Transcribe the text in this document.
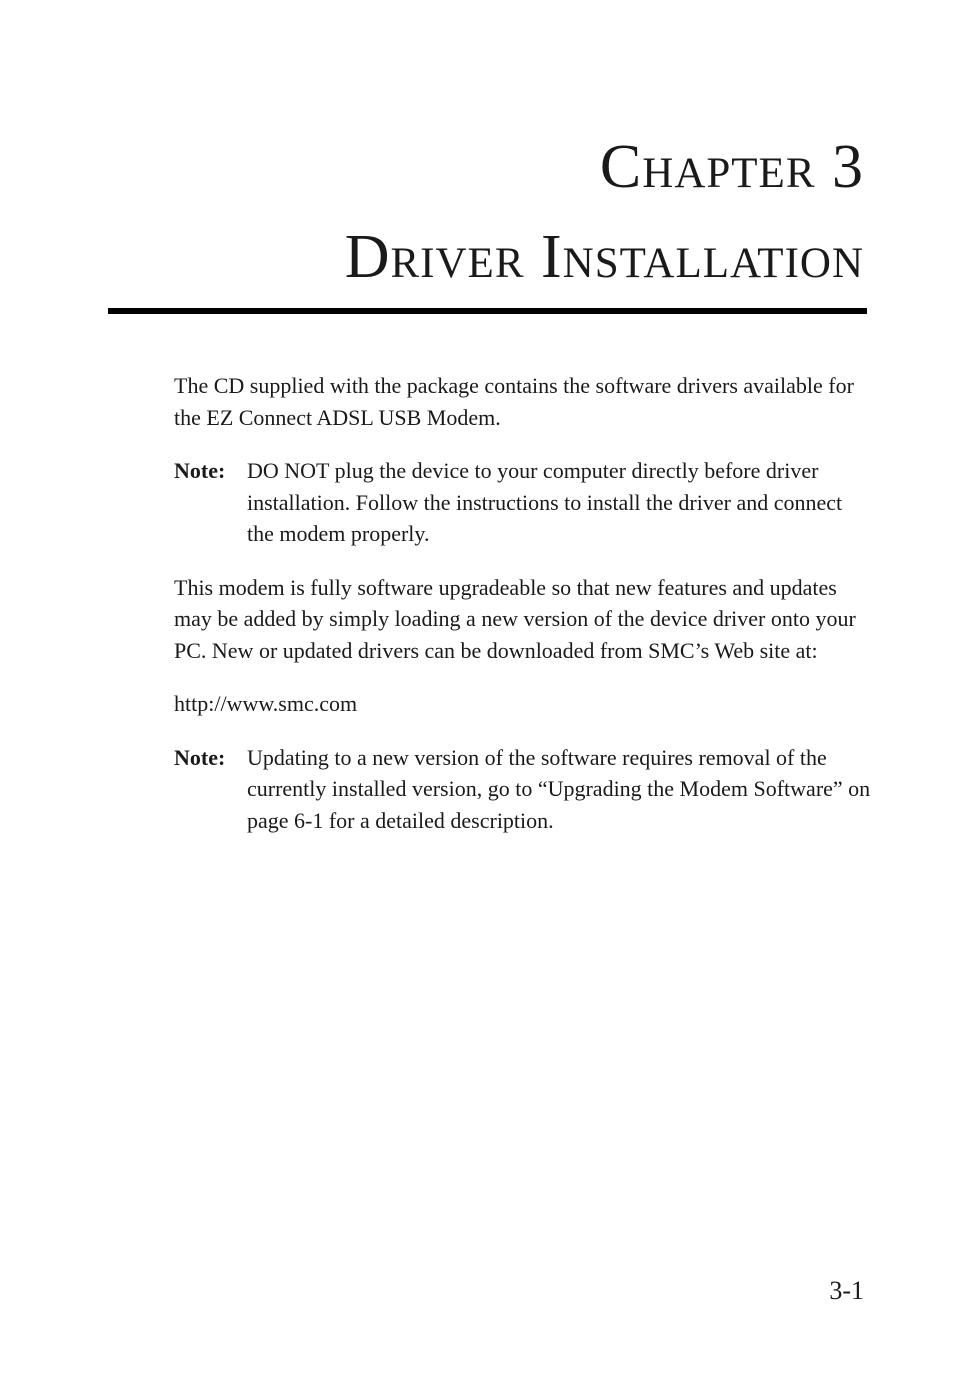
Chapter 3
Driver Installation

The CD supplied with the package contains the software drivers available for the EZ Connect ADSL USB Modem.

Note: DO NOT plug the device to your computer directly before driver installation. Follow the instructions to install the driver and connect the modem properly.

This modem is fully software upgradeable so that new features and updates may be added by simply loading a new version of the device driver onto your PC. New or updated drivers can be downloaded from SMC’s Web site at:

http://www.smc.com

Note: Updating to a new version of the software requires removal of the currently installed version, go to “Upgrading the Modem Software” on page 6-1 for a detailed description.
3-1
